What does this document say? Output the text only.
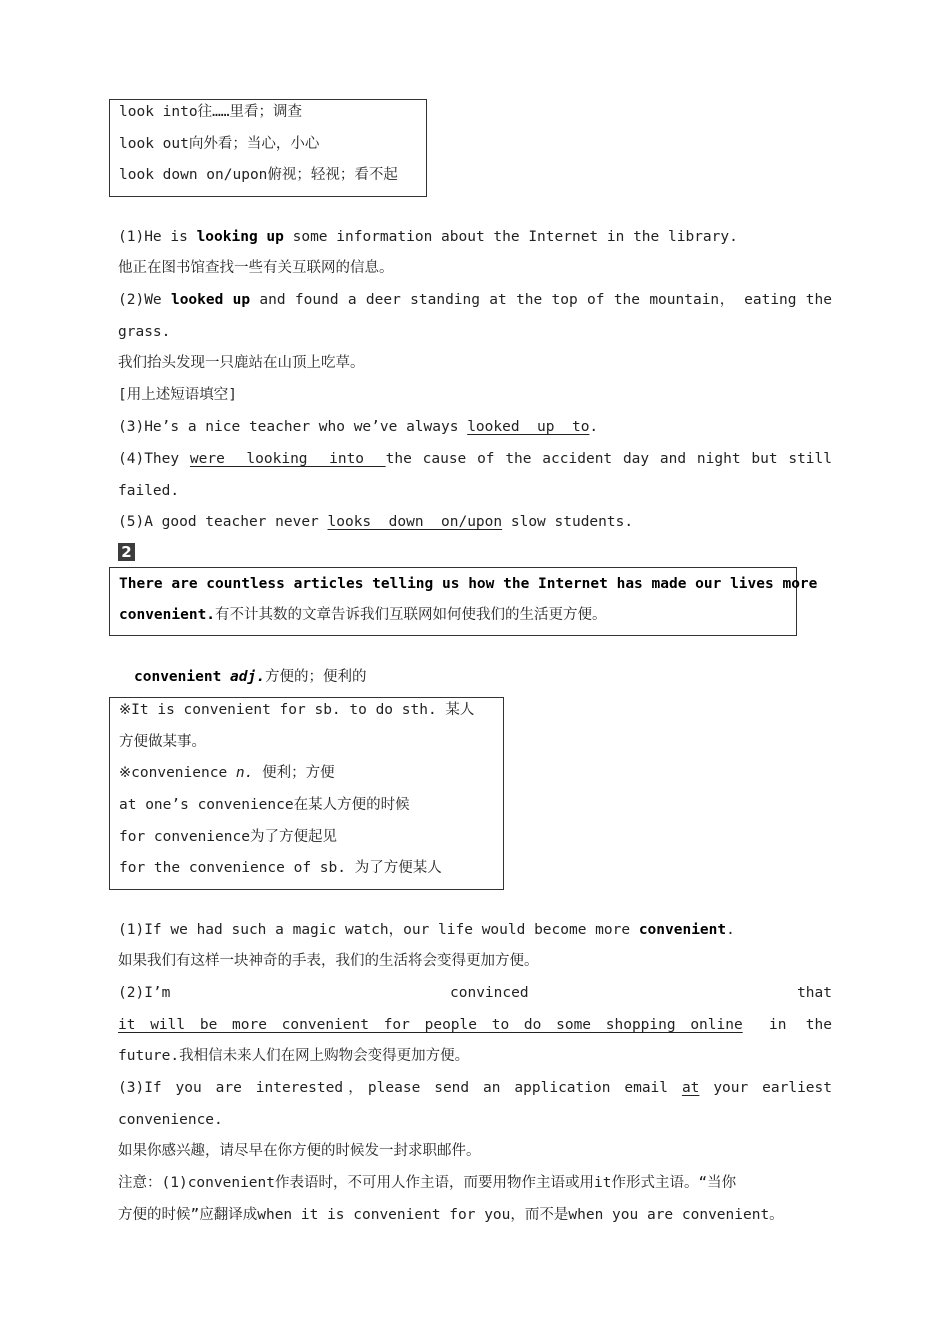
look into往……里看；调查
look out向外看；当心，小心
look down on/upon俯视；轻视；看不起
(1)He is looking up some information about the Internet in the library.
他正在图书馆查找一些有关互联网的信息。
(2)We looked up and found a deer standing at the top of the mountain， eating the
grass.
我们抬头发现一只鹿站在山顶上吃草。
[用上述短语填空]
(3)He’s a nice teacher who we’ve always looked  up  to.
(4)They were  looking  into  the cause of the accident day and night but still
failed.
(5)A good teacher never looks  down  on/upon slow students.
2
There are countless articles telling us how the Internet has made our lives more
convenient.有不计其数的文章告诉我们互联网如何使我们的生活更方便。
convenient adj.方便的；便利的
※It is convenient for sb. to do sth. 某人
方便做某事。
※convenience n. 便利；方便
at one’s convenience在某人方便的时候
for convenience为了方便起见
for the convenience of sb. 为了方便某人
(1)If we had such a magic watch，our life would become more convenient.
如果我们有这样一块神奇的手表，我们的生活将会变得更加方便。
(2)I’m	convinced	that
it will be more convenient for people to do some shopping online in the
future.我相信未来人们在网上购物会变得更加方便。
(3)If you are interested，please send an application email at your earliest
convenience.
如果你感兴趣，请尽早在你方便的时候发一封求职邮件。
注意：(1)convenient作表语时，不可用人作主语，而要用物作主语或用it作形式主语。“当你
方便的时候”应翻译成when it is convenient for you，而不是when you are convenient。
